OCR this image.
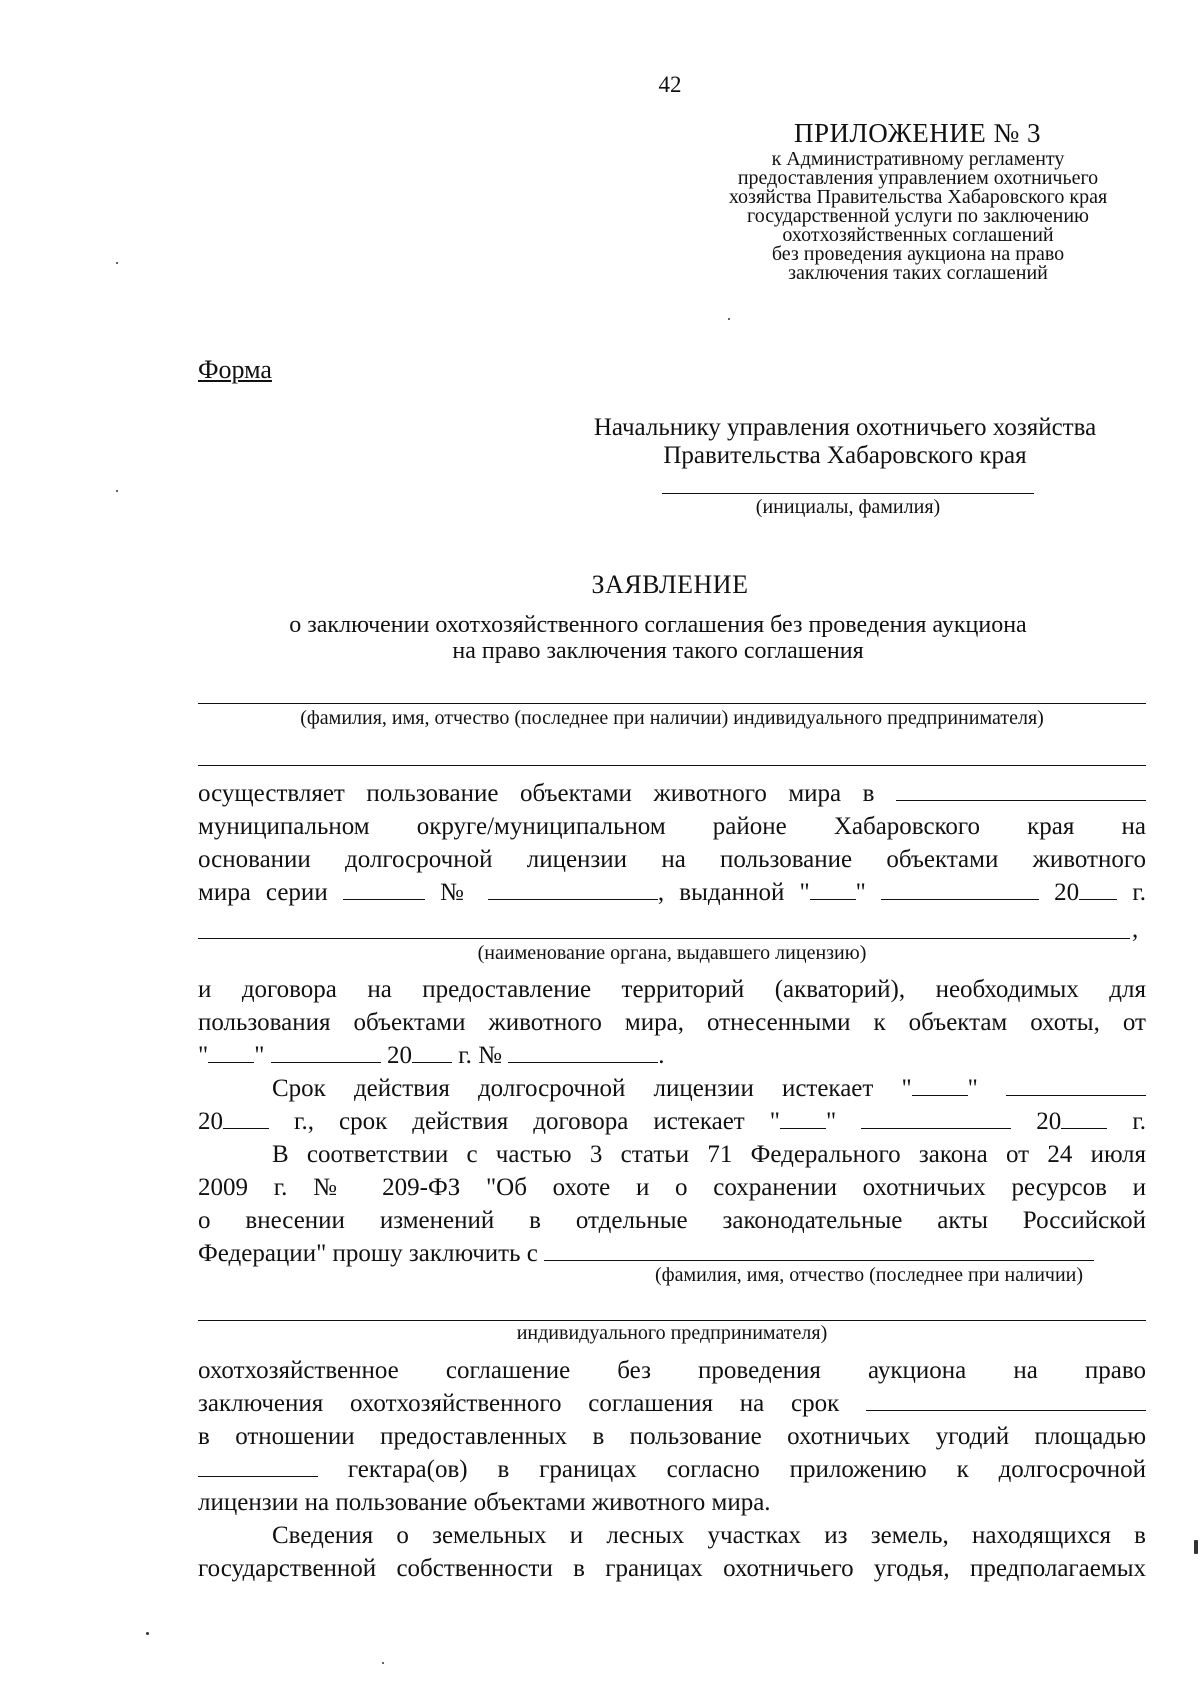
42
ПРИЛОЖЕНИЕ № 3
к Административному регламенту
предоставления управлением охотничьего
хозяйства Правительства Хабаровского края
государственной услуги по заключению
охотхозяйственных соглашений
без проведения аукциона на право
заключения таких соглашений
Форма
Начальнику управления охотничьего хозяйства
Правительства Хабаровского края
(инициалы, фамилия)
ЗАЯВЛЕНИЕ
о заключении охотхозяйственного соглашения без проведения аукциона
на право заключения такого соглашения
(фамилия, имя, отчество (последнее при наличии) индивидуального предпринимателя)
осуществляет пользование объектами животного мира в
муниципальном округе/муниципальном районе Хабаровского края на
основании долгосрочной лицензии на пользование объектами животного
мира серии	№	, выданной " "	20 г.
,
(наименование органа, выдавшего лицензию)
и договора на предоставление территорий (акваторий), необходимых для
пользования объектами животного мира, отнесенными к объектам охоты, от
" "	20 г. №	.
Срок действия долгосрочной лицензии истекает " "
20	г., срок действия договора истекает " "	20	г.
В соответствии с частью 3 статьи 71 Федерального закона от 24 июля
2009 г. № 209-ФЗ "Об охоте и о сохранении охотничьих ресурсов и
о внесении изменений в отдельные законодательные акты Российской
Федерации" прошу заключить с
(фамилия, имя, отчество (последнее при наличии)
индивидуального предпринимателя)
охотхозяйственное соглашение без проведения аукциона на право
заключения охотхозяйственного соглашения на срок
в отношении предоставленных в пользование охотничьих угодий площадью
гектара(ов) в границах согласно приложению к долгосрочной
лицензии на пользование объектами животного мира.
Сведения о земельных и лесных участках из земель, находящихся в
государственной собственности в границах охотничьего угодья, предполагаемых
